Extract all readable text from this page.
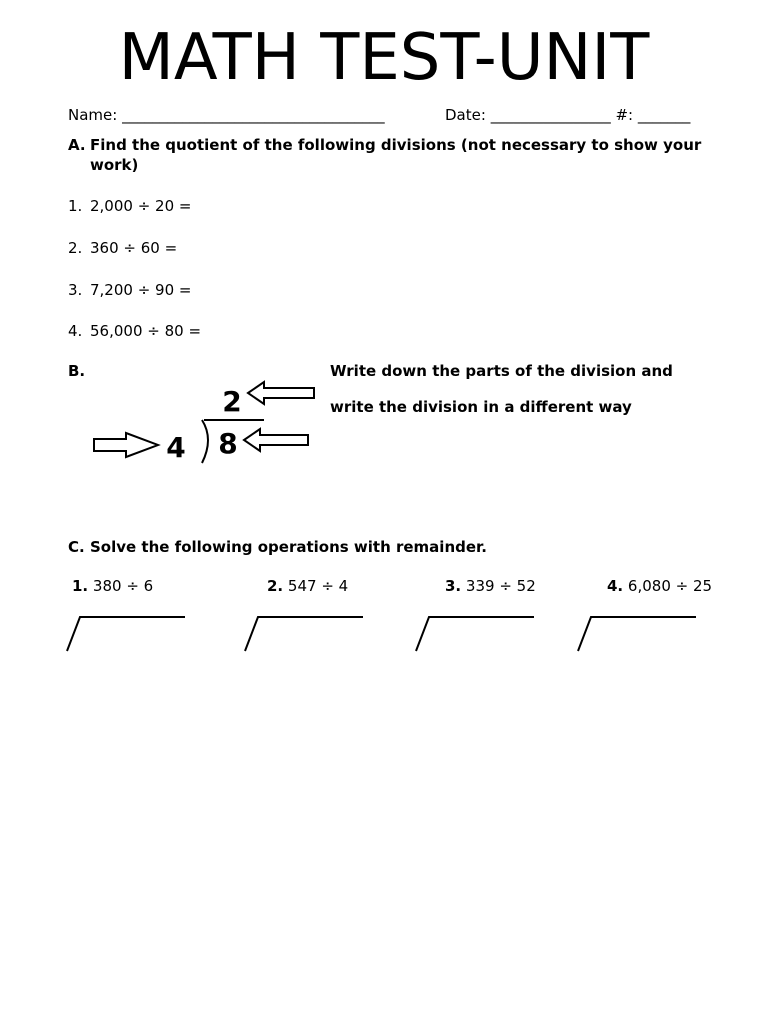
MATH TEST-UNIT
Name: ___________________________________	Date: ________________ #: _______
A. Find the quotient of the following divisions (not necessary to show your work)
1. 2,000 ÷ 20 =
2. 360 ÷ 60 =
3. 7,200 ÷ 90 =
4. 56,000 ÷ 80 =
B.	Write down the parts of the division and
write the division in a different way
2
4 8
C. Solve the following operations with remainder.
1. 380 ÷ 6	2. 547 ÷ 4	3. 339 ÷ 52	4. 6,080 ÷ 25
